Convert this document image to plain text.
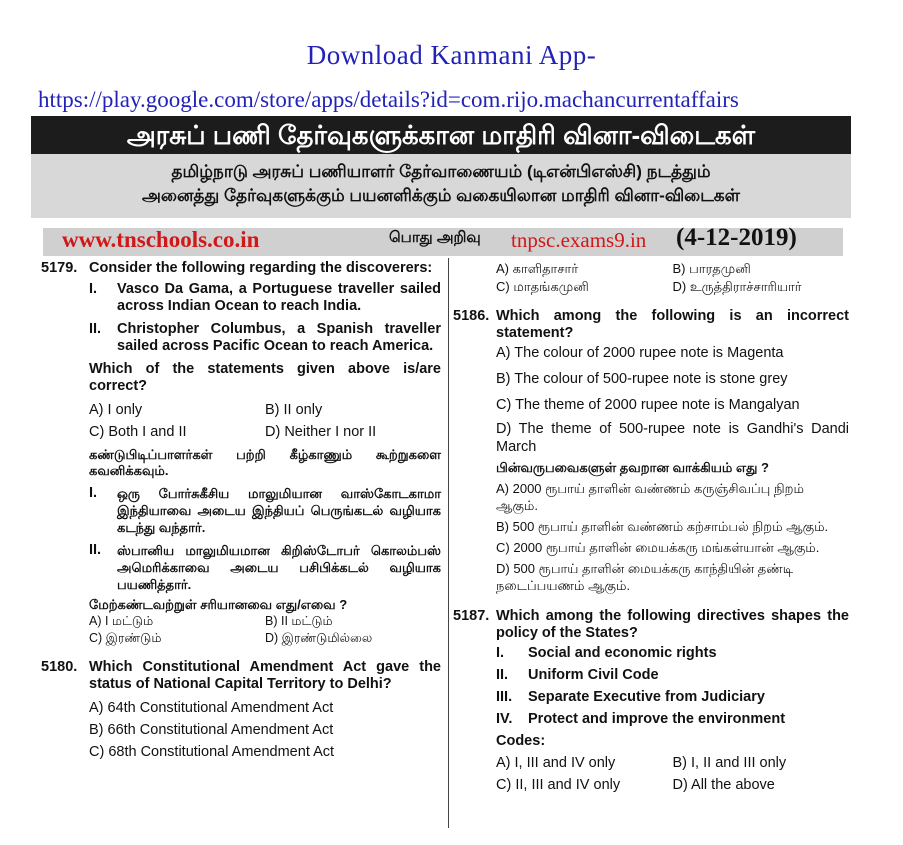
Download Kanmani App-
https://play.google.com/store/apps/details?id=com.rijo.machancurrentaffairs
அரசுப் பணி தேர்வுகளுக்கான மாதிரி வினா-விடைகள்
தமிழ்நாடு அரசுப் பணியாளர் தேர்வாணையம் (டிஎன்பிஎஸ்சி) நடத்தும்
அனைத்து தேர்வுகளுக்கும் பயனளிக்கும் வகையிலான மாதிரி வினா-விடைகள்
www.tnschools.co.in	பொது அறிவு tnpsc.exams9.in (4-12-2019)
5179. Consider the following regarding the discoverers:
I. Vasco Da Gama, a Portuguese traveller sailed across Indian Ocean to reach India.
II. Christopher Columbus, a Spanish traveller sailed across Pacific Ocean to reach America.
Which of the statements given above is/are correct?
A) I only	B) II only
C) Both I and II	D) Neither I nor II
கண்டுபிடிப்பாளர்கள் பற்றி கீழ்காணும் கூற்றுகளை கவனிக்கவும்.
I. ஒரு போர்சுகீசிய மாலுமியான வாஸ்கோடகாமா இந்தியாவை அடைய இந்தியப் பெருங்கடல் வழியாக கடந்து வந்தார்.
II. ஸ்பானிய மாலுமியமான கிறிஸ்டோபர் கொலம்பஸ் அமெரிக்காவை அடைய பசிபிக்கடல் வழியாக பயணித்தார்.
மேற்கண்டவற்றுள் சரியானவை எது/எவை ?
A) I மட்டும்	B) II மட்டும்
C) இரண்டும்	D) இரண்டுமில்லை
5180. Which Constitutional Amendment Act gave the status of National Capital Territory to Delhi?
A) 64th Constitutional Amendment Act
B) 66th Constitutional Amendment Act
C) 68th Constitutional Amendment Act
A) காளிதாசார்	B) பாரதமுனி
C) மாதங்கமுனி	D) உருத்திராச்சாரியார்
5186. Which among the following is an incorrect statement?
A) The colour of 2000 rupee note is Magenta
B) The colour of 500-rupee note is stone grey
C) The theme of 2000 rupee note is Mangalyan
D) The theme of 500-rupee note is Gandhi's Dandi March
பின்வருபவைகளுள் தவறான வாக்கியம் எது ?
A) 2000 ரூபாய் தாளின் வண்ணம் கருஞ்சிவப்பு நிறம் ஆகும்.
B) 500 ரூபாய் தாளின் வண்ணம் கற்சாம்பல் நிறம் ஆகும்.
C) 2000 ரூபாய் தாளின் மையக்கரு மங்கள்யான் ஆகும்.
D) 500 ரூபாய் தாளின் மையக்கரு காந்தியின் தண்டி நடைப்பயணம் ஆகும்.
5187. Which among the following directives shapes the policy of the States?
I. Social and economic rights
II. Uniform Civil Code
III. Separate Executive from Judiciary
IV. Protect and improve the environment
Codes:
A) I, III and IV only	B) I, II and III only
C) II, III and IV only	D) All the above
